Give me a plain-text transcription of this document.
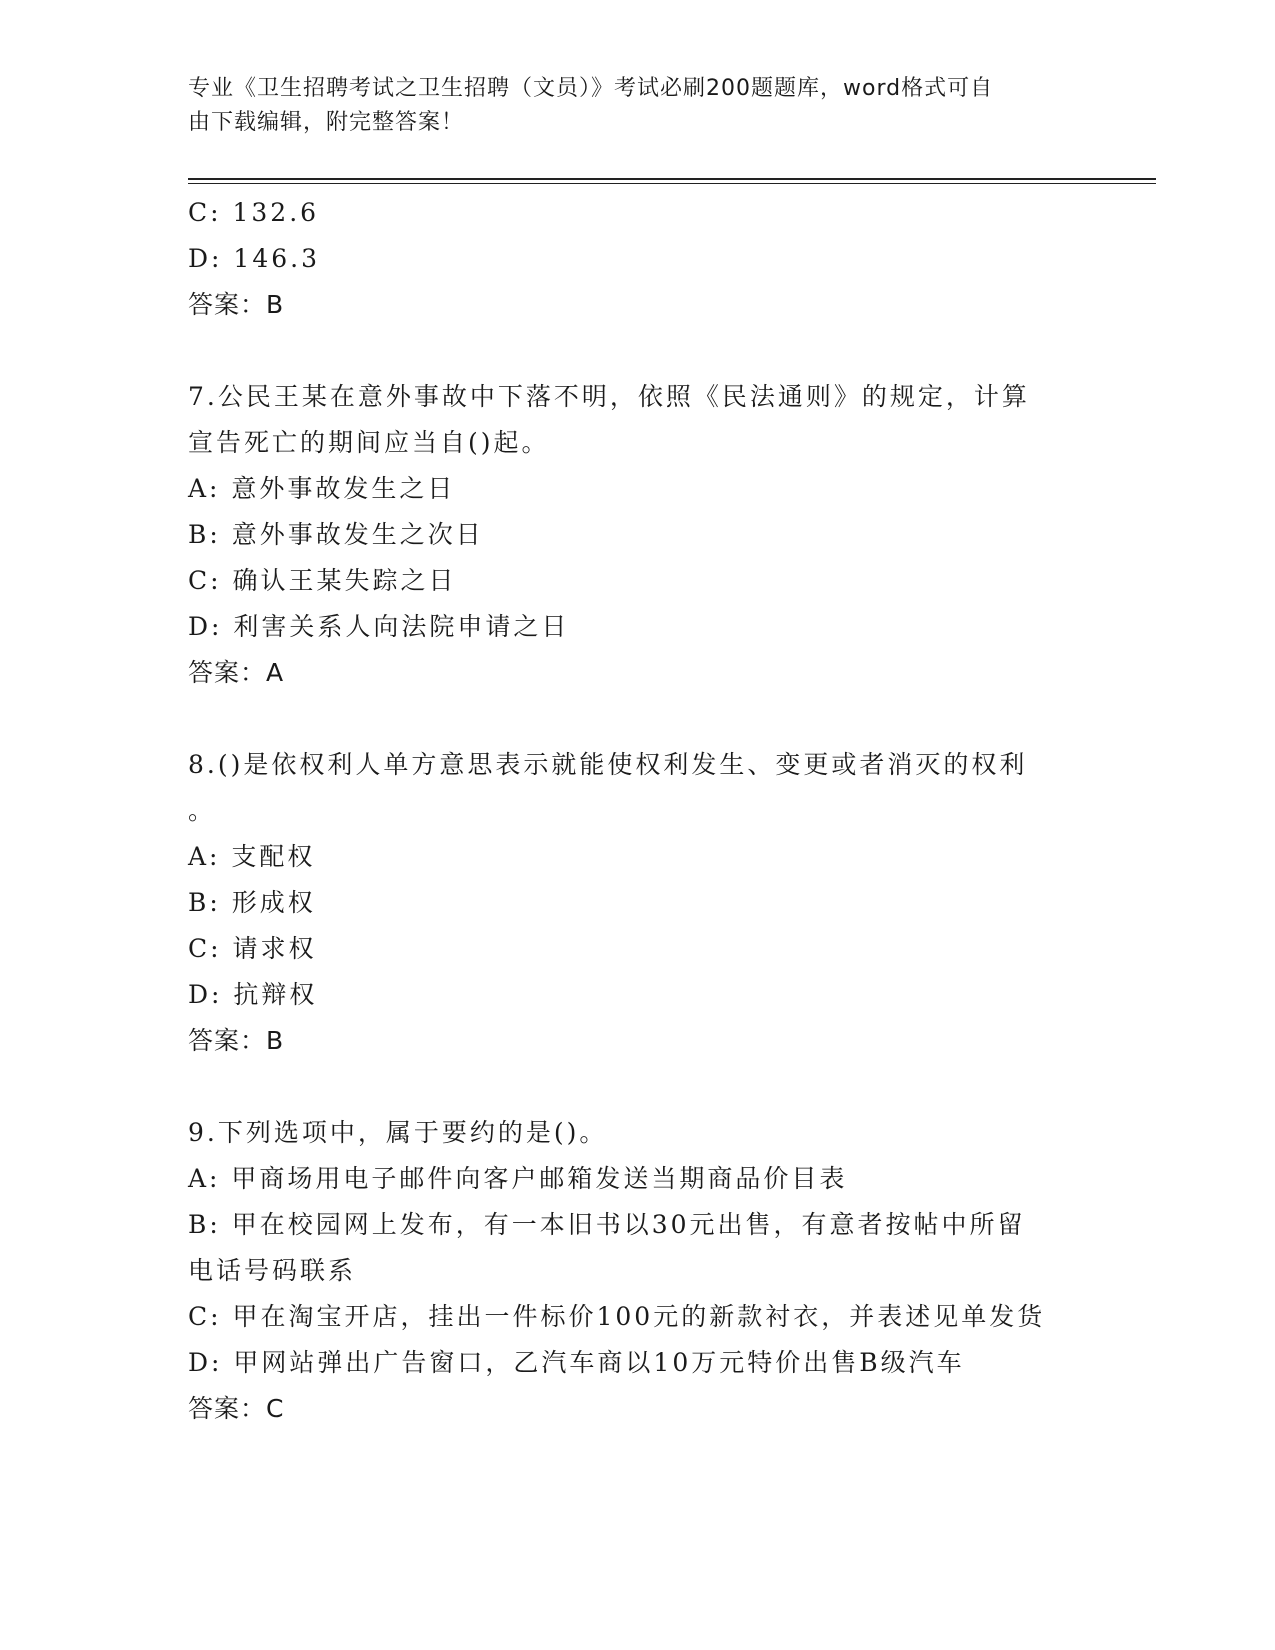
专业《卫生招聘考试之卫生招聘（文员）》考试必刷200题题库，word格式可自
由下载编辑，附完整答案！
C: 132.6
D: 146.3
答案：B
7.公民王某在意外事故中下落不明，依照《民法通则》的规定，计算
宣告死亡的期间应当自()起。
A: 意外事故发生之日
B: 意外事故发生之次日
C: 确认王某失踪之日
D: 利害关系人向法院申请之日
答案：A
8.()是依权利人单方意思表示就能使权利发生、变更或者消灭的权利
。
A: 支配权
B: 形成权
C: 请求权
D: 抗辩权
答案：B
9.下列选项中，属于要约的是()。
A: 甲商场用电子邮件向客户邮箱发送当期商品价目表
B: 甲在校园网上发布，有一本旧书以30元出售，有意者按帖中所留
电话号码联系
C: 甲在淘宝开店，挂出一件标价100元的新款衬衣，并表述见单发货
D: 甲网站弹出广告窗口，乙汽车商以10万元特价出售B级汽车
答案：C
